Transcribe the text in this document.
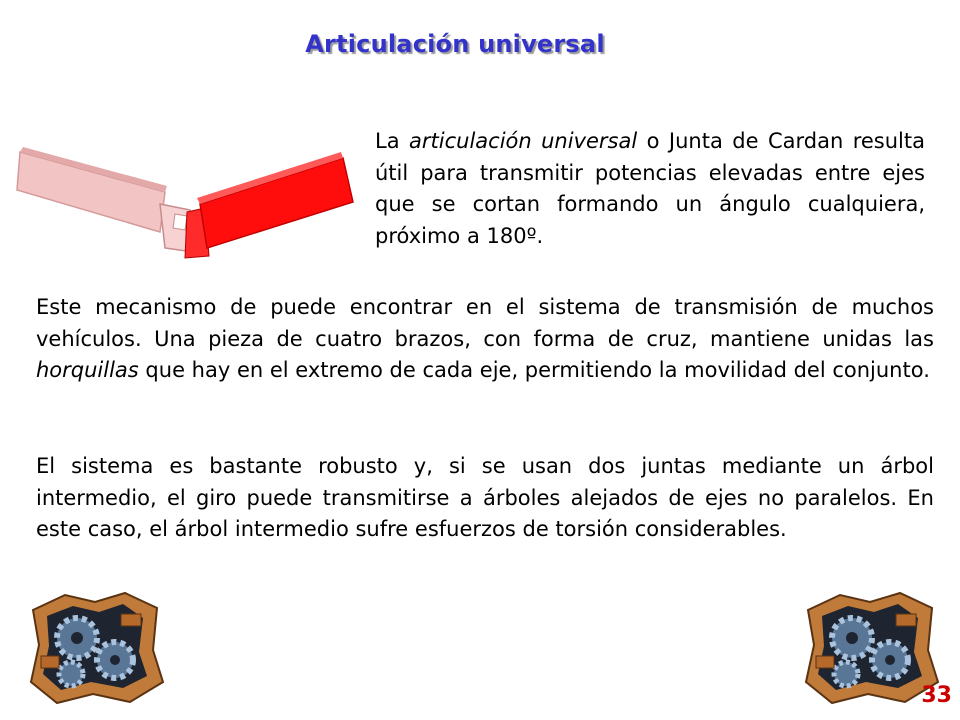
Articulación universal

La articulación universal o Junta de Cardan resulta útil para transmitir potencias elevadas entre ejes que se cortan formando un ángulo cualquiera, próximo a 180º.

Este mecanismo de puede encontrar en el sistema de transmisión de muchos vehículos. Una pieza de cuatro brazos, con forma de cruz, mantiene unidas las horquillas que hay en el extremo de cada eje, permitiendo la movilidad del conjunto.

El sistema es bastante robusto y, si se usan dos juntas mediante un árbol intermedio, el giro puede transmitirse a árboles alejados de ejes no paralelos. En este caso, el árbol intermedio sufre esfuerzos de torsión considerables.

33
